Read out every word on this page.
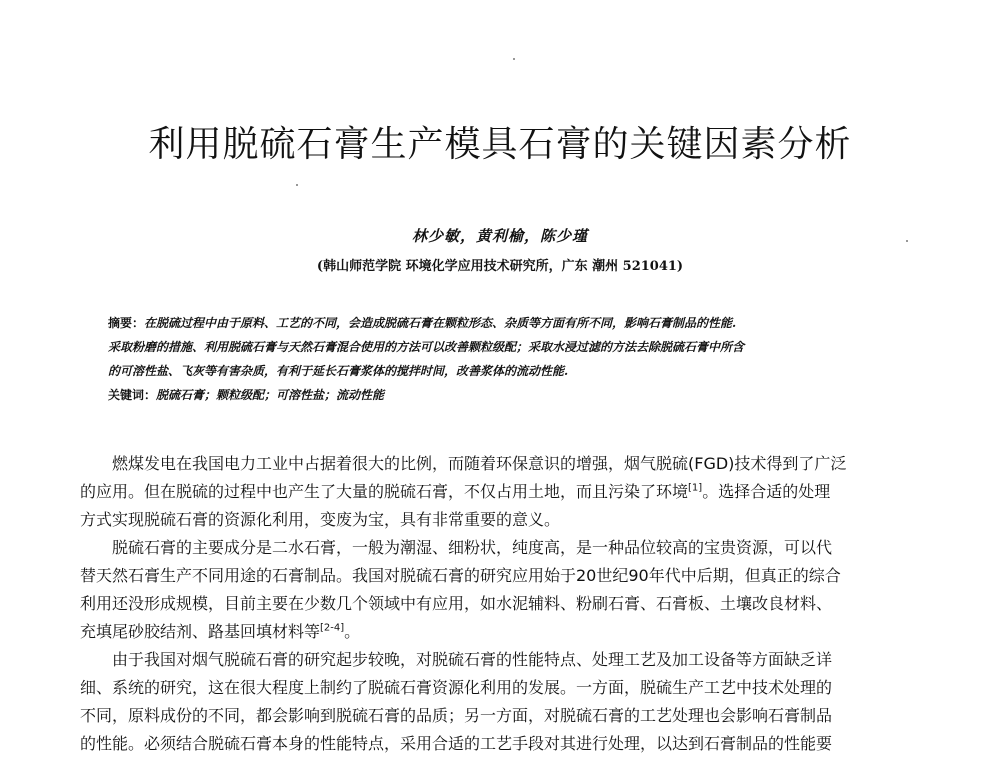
利用脱硫石膏生产模具石膏的关键因素分析
林少敏，黄利榆，陈少瑾
(韩山师范学院 环境化学应用技术研究所，广东 潮州 521041)
摘要：在脱硫过程中由于原料、工艺的不同，会造成脱硫石膏在颗粒形态、杂质等方面有所不同，影响石膏制品的性能.
采取粉磨的措施、利用脱硫石膏与天然石膏混合使用的方法可以改善颗粒级配；采取水浸过滤的方法去除脱硫石膏中所含
的可溶性盐、飞灰等有害杂质，有利于延长石膏浆体的搅拌时间，改善浆体的流动性能.
关键词：脱硫石膏；颗粒级配；可溶性盐；流动性能
燃煤发电在我国电力工业中占据着很大的比例，而随着环保意识的增强，烟气脱硫(FGD)技术得到了广泛
的应用。但在脱硫的过程中也产生了大量的脱硫石膏，不仅占用土地，而且污染了环境[1]。选择合适的处理
方式实现脱硫石膏的资源化利用，变废为宝，具有非常重要的意义。
脱硫石膏的主要成分是二水石膏，一般为潮湿、细粉状，纯度高，是一种品位较高的宝贵资源，可以代
替天然石膏生产不同用途的石膏制品。我国对脱硫石膏的研究应用始于20世纪90年代中后期，但真正的综合
利用还没形成规模，目前主要在少数几个领域中有应用，如水泥辅料、粉刷石膏、石膏板、土壤改良材料、
充填尾砂胶结剂、路基回填材料等[2-4]。
由于我国对烟气脱硫石膏的研究起步较晚，对脱硫石膏的性能特点、处理工艺及加工设备等方面缺乏详
细、系统的研究，这在很大程度上制约了脱硫石膏资源化利用的发展。一方面，脱硫生产工艺中技术处理的
不同，原料成份的不同，都会影响到脱硫石膏的品质；另一方面，对脱硫石膏的工艺处理也会影响石膏制品
的性能。必须结合脱硫石膏本身的性能特点，采用合适的工艺手段对其进行处理，以达到石膏制品的性能要
